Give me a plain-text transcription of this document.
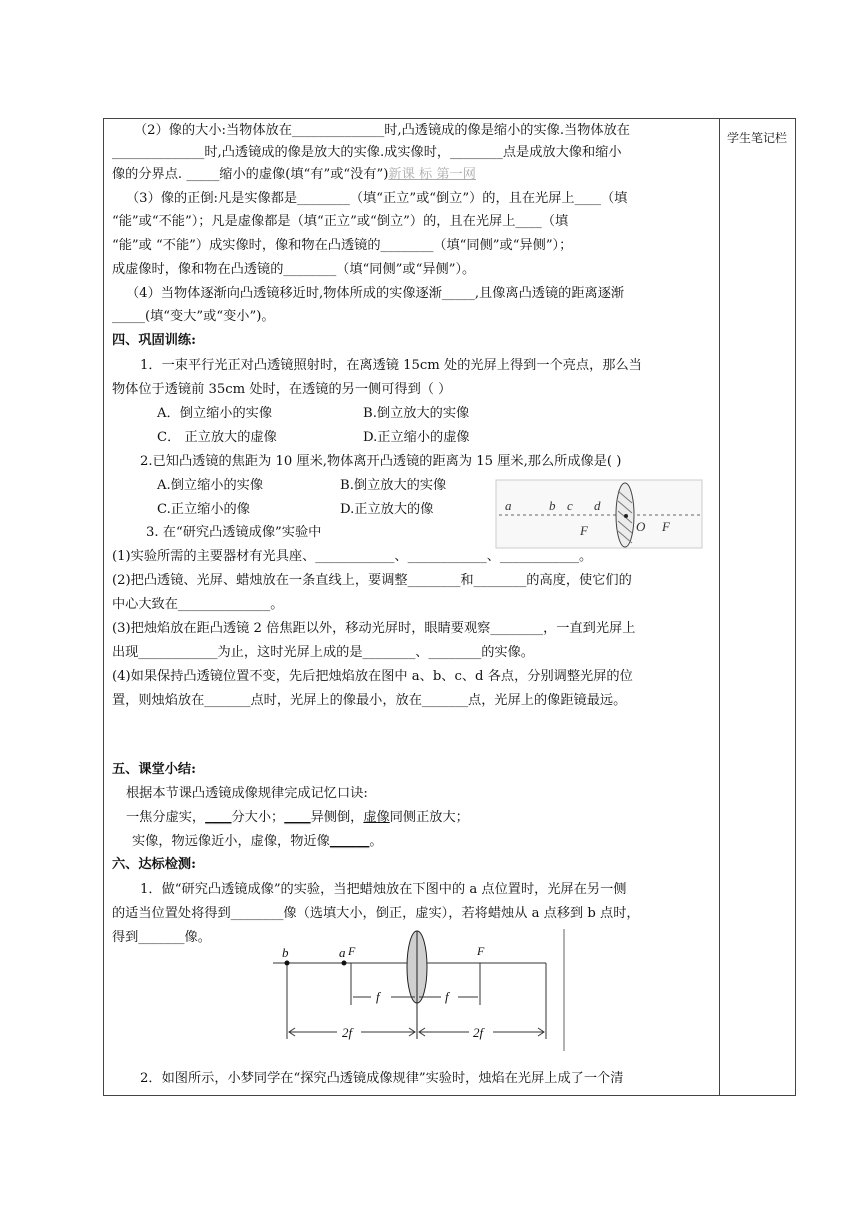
学生笔记栏
（2）像的大小:当物体放在______________时,凸透镜成的像是缩小的实像.当物体放在
______________时,凸透镜成的像是放大的实像.成实像时，________点是成放大像和缩小
像的分界点. _____缩小的虚像(填“有”或“没有”)新课 标 第一网
（3）像的正倒:凡是实像都是________（填“正立”或“倒立”）的，且在光屏上____（填
“能”或“不能”）；凡是虚像都是（填“正立”或“倒立”）的，且在光屏上____（填
“能”或 “不能”）成实像时，像和物在凸透镜的________（填“同侧”或“异侧”）；
成虚像时，像和物在凸透镜的________（填“同侧”或“异侧”）。
（4）当物体逐渐向凸透镜移近时,物体所成的实像逐渐_____,且像离凸透镜的距离逐渐
_____(填“变大”或“变小”)。
四、巩固训练:
1．一束平行光正对凸透镜照射时，在离透镜 15cm 处的光屏上得到一个亮点，那么当
物体位于透镜前 35cm 处时，在透镜的另一侧可得到（ ）
A．倒立缩小的实像	B.倒立放大的实像
C． 正立放大的虚像	D.正立缩小的虚像
2.已知凸透镜的焦距为 10 厘米,物体离开凸透镜的距离为 15 厘米,那么所成像是( )
A.倒立缩小的实像	B.倒立放大的实像
C.正立缩小的像	D.正立放大的像
3. 在“研究凸透镜成像”实验中
a	b c d
F	O F
(1)实验所需的主要器材有光具座、____________、____________、____________。
(2)把凸透镜、光屏、蜡烛放在一条直线上，要调整________和________的高度，使它们的
中心大致在______________。
(3)把烛焰放在距凸透镜 2 倍焦距以外，移动光屏时，眼睛要观察________，一直到光屏上
出现____________为止，这时光屏上成的是________、________的实像。
(4)如果保持凸透镜位置不变，先后把烛焰放在图中 a、b、c、d 各点，分别调整光屏的位
置，则烛焰放在_______点时，光屏上的像最小，放在_______点，光屏上的像距镜最远。
五、课堂小结:
根据本节课凸透镜成像规律完成记忆口诀:
一焦分虚实，____分大小；____异侧倒，虚像同侧正放大；
实像，物远像近小，虚像，物近像______。
六、达标检测:
1．做“研究凸透镜成像”的实验，当把蜡烛放在下图中的 a 点位置时，光屏在另一侧
的适当位置处将得到________像（选填大小，倒正，虚实），若将蜡烛从 a 点移到 b 点时，
得到_______像。
b	a F	F
f	f
2f	2f
2．如图所示，小梦同学在“探究凸透镜成像规律”实验时，烛焰在光屏上成了一个清
